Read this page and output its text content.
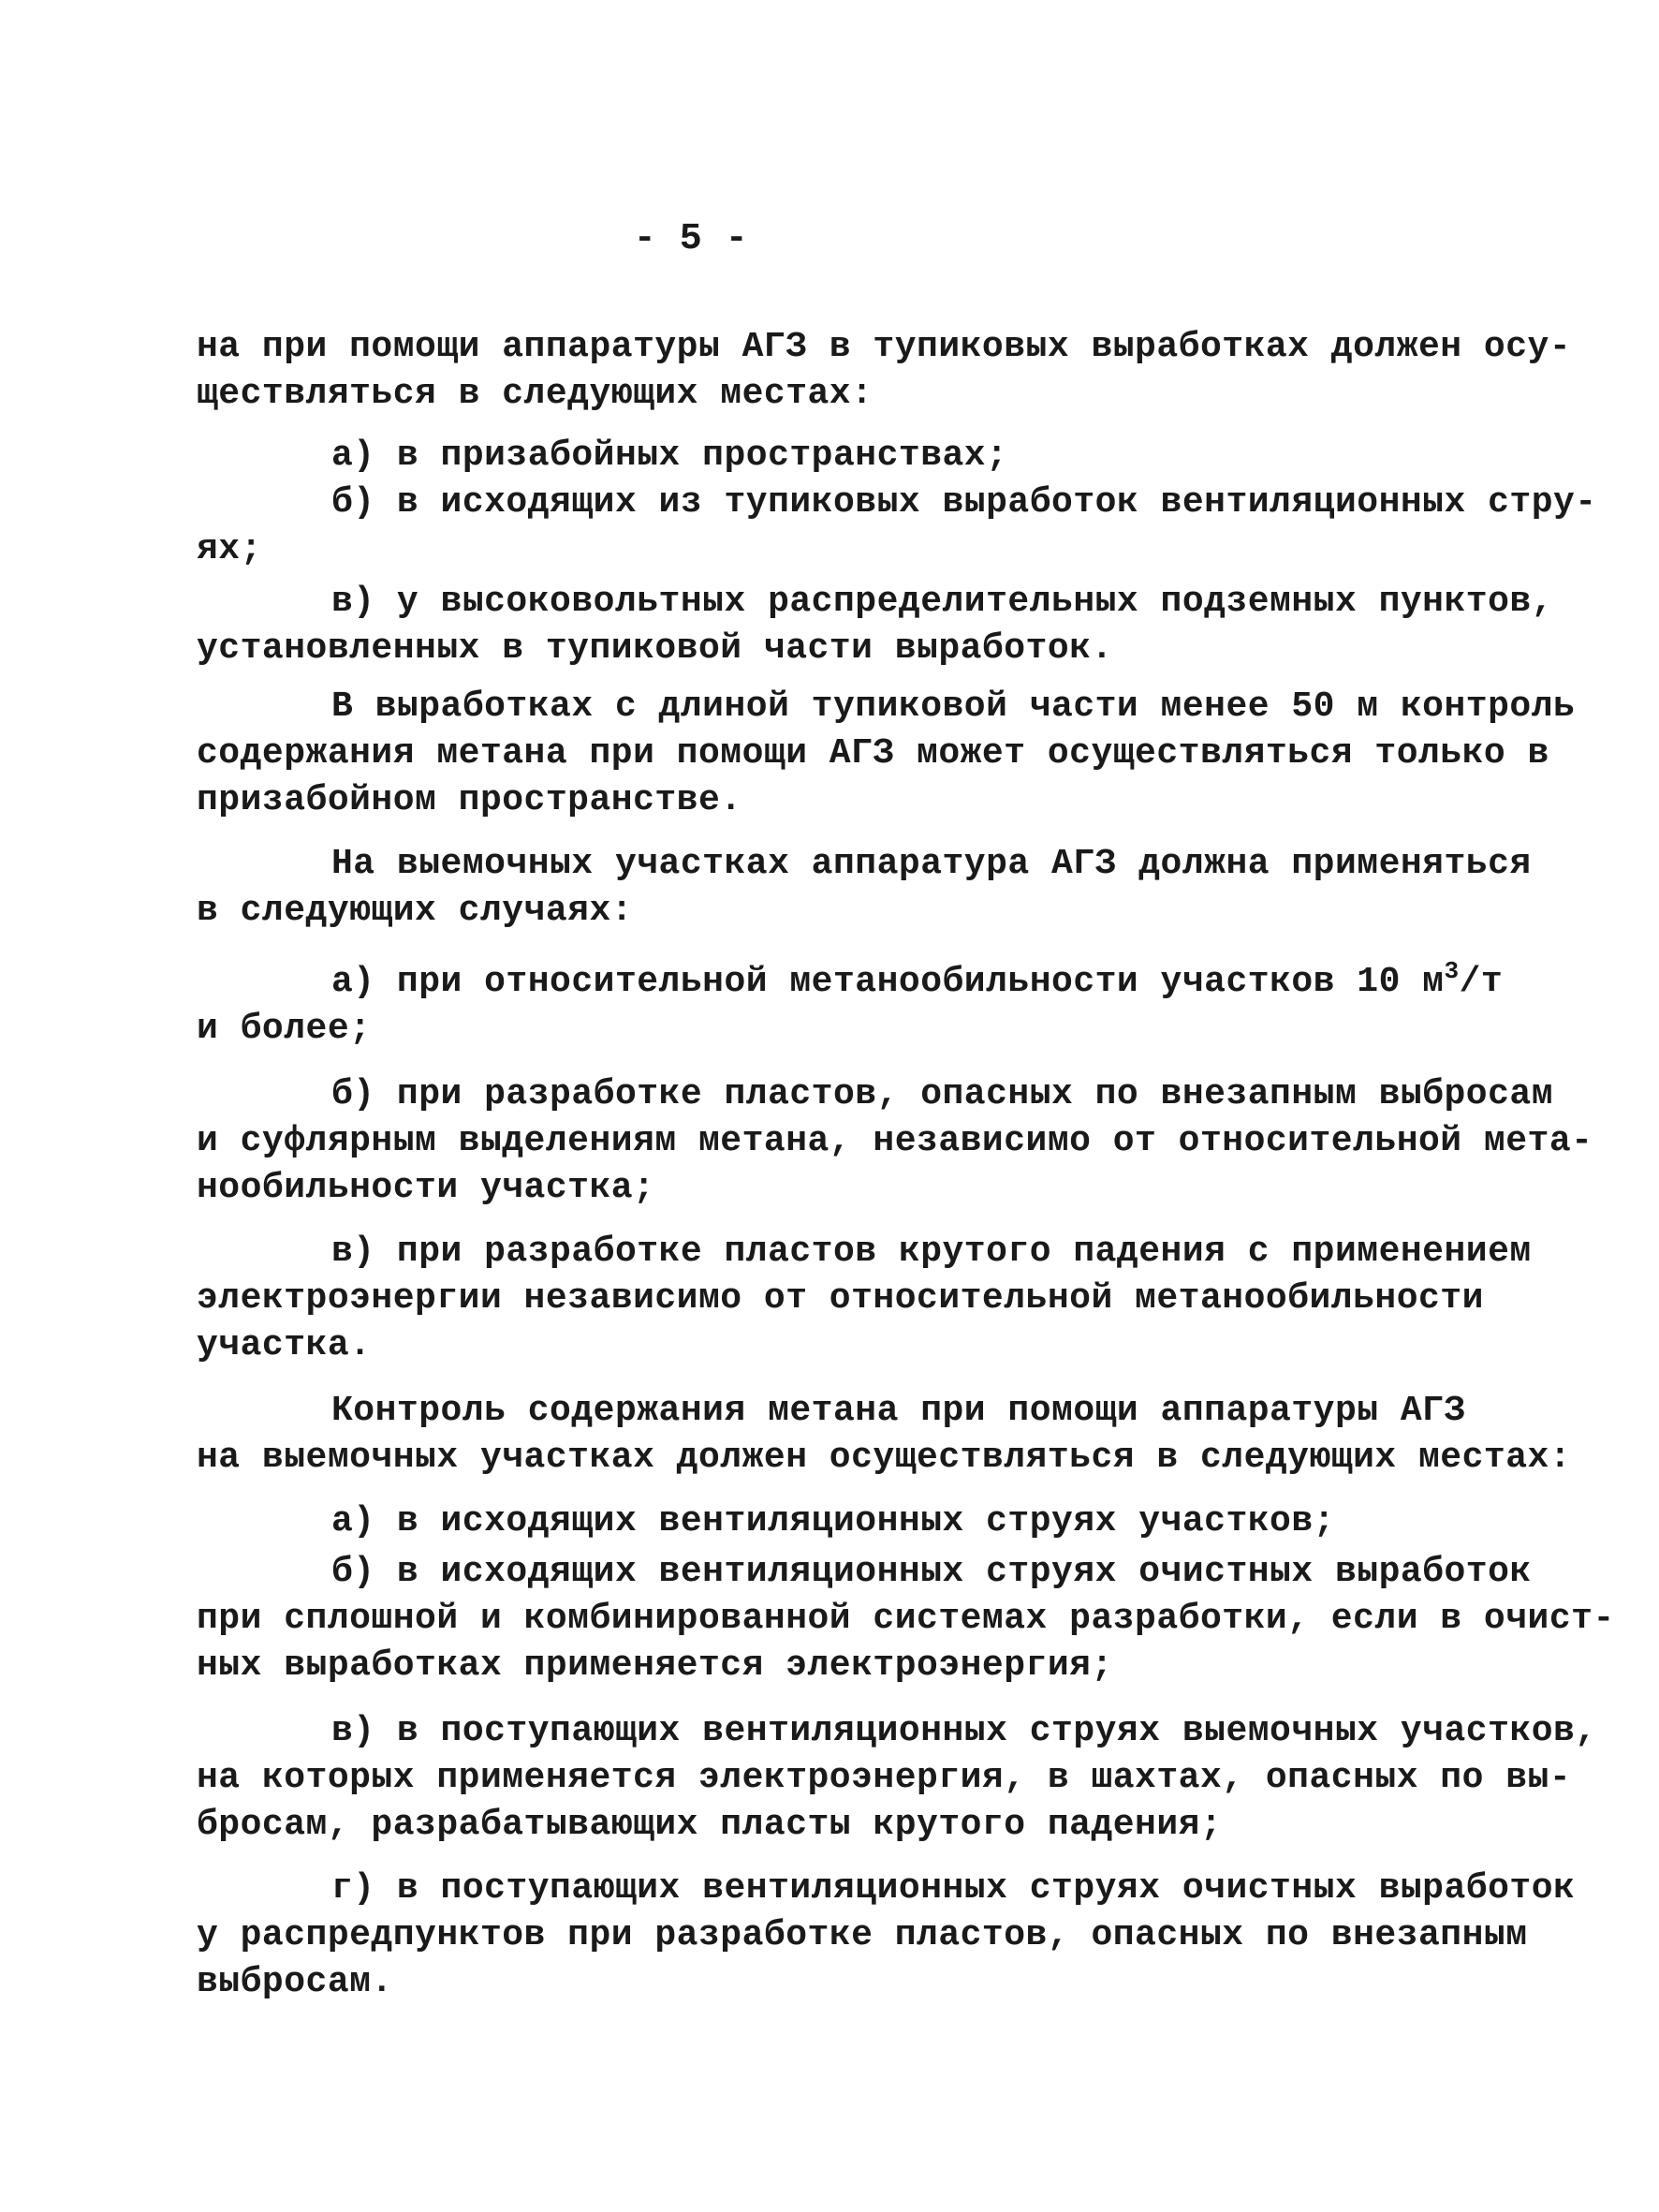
- 5 -
на при помощи аппаратуры АГЗ в тупиковых выработках должен осу-
ществляться в следующих местах:
а) в призабойных пространствах;
б) в исходящих из тупиковых выработок вентиляционных стру-
ях;
в) у высоковольтных распределительных подземных пунктов,
установленных в тупиковой части выработок.
В выработках с длиной тупиковой части менее 50 м контроль
содержания метана при помощи АГЗ может осуществляться только в
призабойном пространстве.
На выемочных участках аппаратура АГЗ должна применяться
в следующих случаях:
а) при относительной метанообильности участков 10 $м^3/т$
и более;
б) при разработке пластов, опасных по внезапным выбросам
и суфлярным выделениям метана, независимо от относительной мета-
нообильности участка;
в) при разработке пластов крутого падения с применением
электроэнергии независимо от относительной метанообильности
участка.
Контроль содержания метана при помощи аппаратуры АГЗ
на выемочных участках должен осуществляться в следующих местах:
а) в исходящих вентиляционных струях участков;
б) в исходящих вентиляционных струях очистных выработок
при сплошной и комбинированной системах разработки, если в очист-
ных выработках применяется электроэнергия;
в) в поступающих вентиляционных струях выемочных участков,
на которых применяется электроэнергия, в шахтах, опасных по вы-
бросам, разрабатывающих пласты крутого падения;
г) в поступающих вентиляционных струях очистных выработок
у распредпунктов при разработке пластов, опасных по внезапным
выбросам.
